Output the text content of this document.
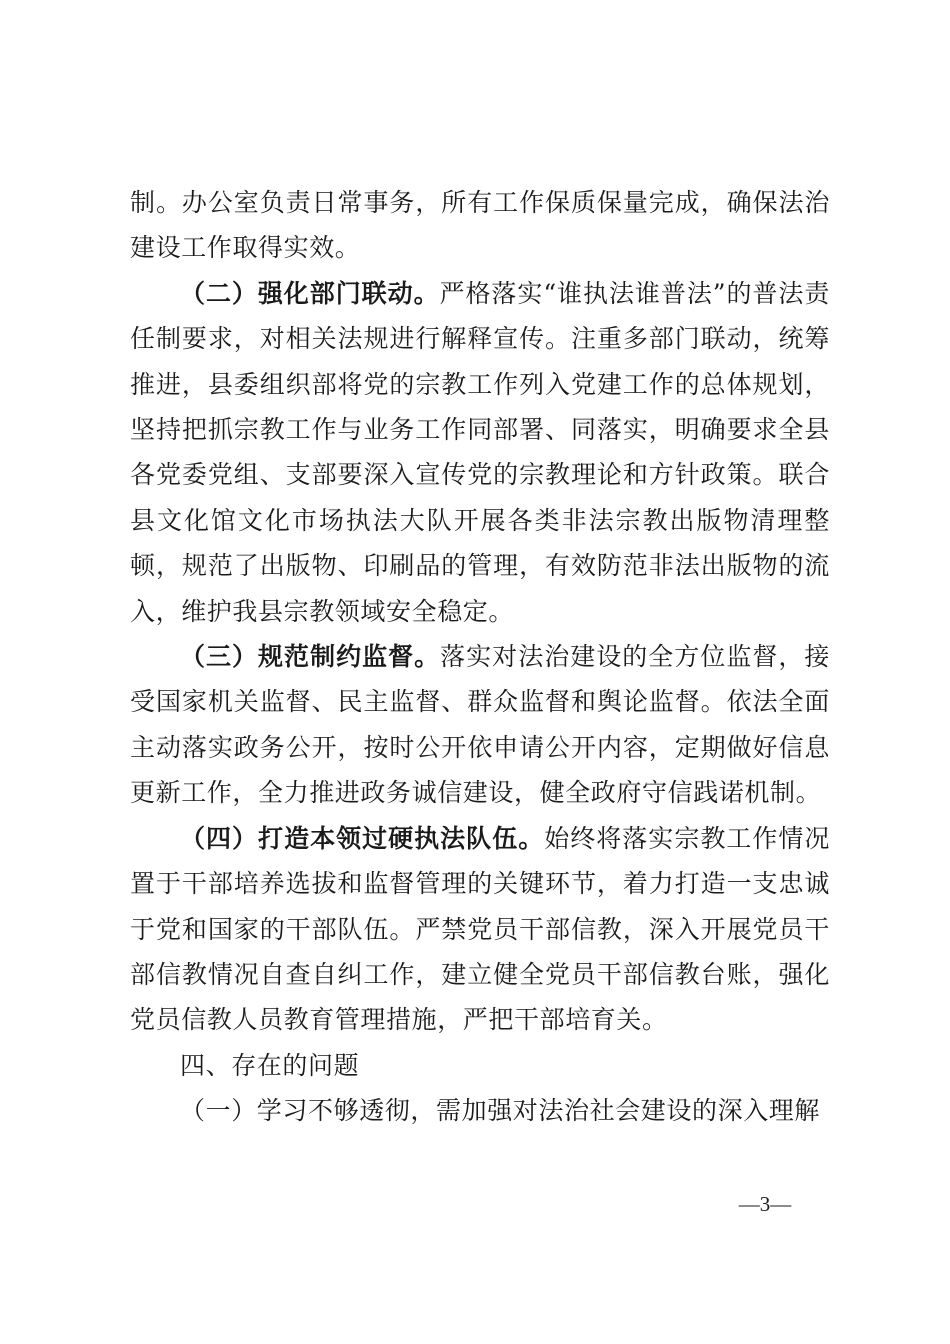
制。办公室负责日常事务，所有工作保质保量完成，确保法治建设工作取得实效。

（二）强化部门联动。严格落实“谁执法谁普法”的普法责任制要求，对相关法规进行解释宣传。注重多部门联动，统筹推进，县委组织部将党的宗教工作列入党建工作的总体规划，坚持把抓宗教工作与业务工作同部署、同落实，明确要求全县各党委党组、支部要深入宣传党的宗教理论和方针政策。联合县文化馆文化市场执法大队开展各类非法宗教出版物清理整顿，规范了出版物、印刷品的管理，有效防范非法出版物的流入，维护我县宗教领域安全稳定。

（三）规范制约监督。落实对法治建设的全方位监督，接受国家机关监督、民主监督、群众监督和舆论监督。依法全面主动落实政务公开，按时公开依申请公开内容，定期做好信息更新工作，全力推进政务诚信建设，健全政府守信践诺机制。

（四）打造本领过硬执法队伍。始终将落实宗教工作情况置于干部培养选拔和监督管理的关键环节，着力打造一支忠诚于党和国家的干部队伍。严禁党员干部信教，深入开展党员干部信教情况自查自纠工作，建立健全党员干部信教台账，强化党员信教人员教育管理措施，严把干部培育关。

四、存在的问题

（一）学习不够透彻，需加强对法治社会建设的深入理解

—3—
